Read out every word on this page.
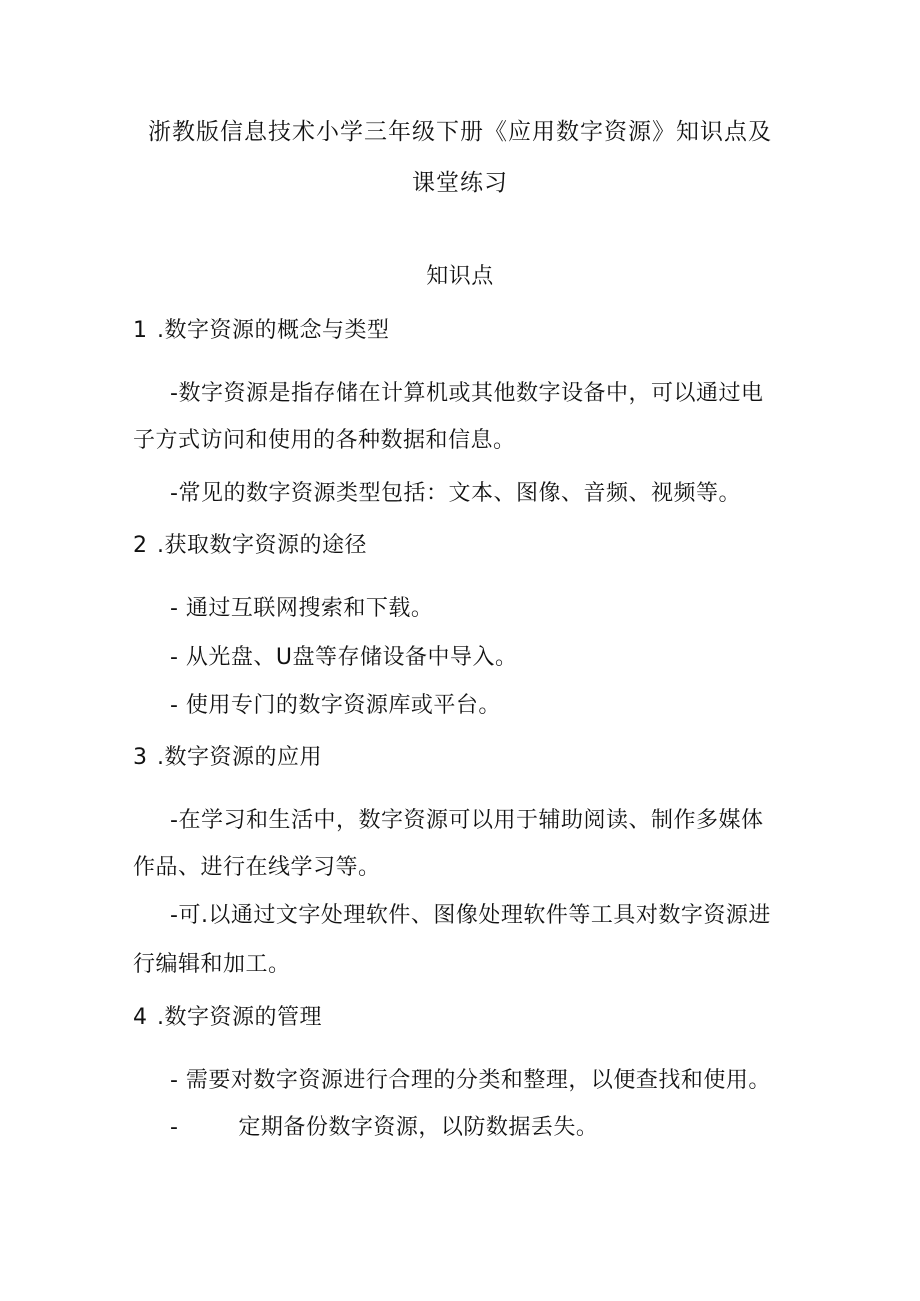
浙教版信息技术小学三年级下册《应用数字资源》知识点及
课堂练习
知识点
1 .数字资源的概念与类型
-数字资源是指存储在计算机或其他数字设备中，可以通过电
子方式访问和使用的各种数据和信息。
-常见的数字资源类型包括：文本、图像、音频、视频等。
2 .获取数字资源的途径
- 通过互联网搜索和下载。
- 从光盘、U盘等存储设备中导入。
- 使用专门的数字资源库或平台。
3 .数字资源的应用
-在学习和生活中，数字资源可以用于辅助阅读、制作多媒体
作品、进行在线学习等。
-可.以通过文字处理软件、图像处理软件等工具对数字资源进
行编辑和加工。
4 .数字资源的管理
- 需要对数字资源进行合理的分类和整理，以便查找和使用。
-        定期备份数字资源，以防数据丢失。
